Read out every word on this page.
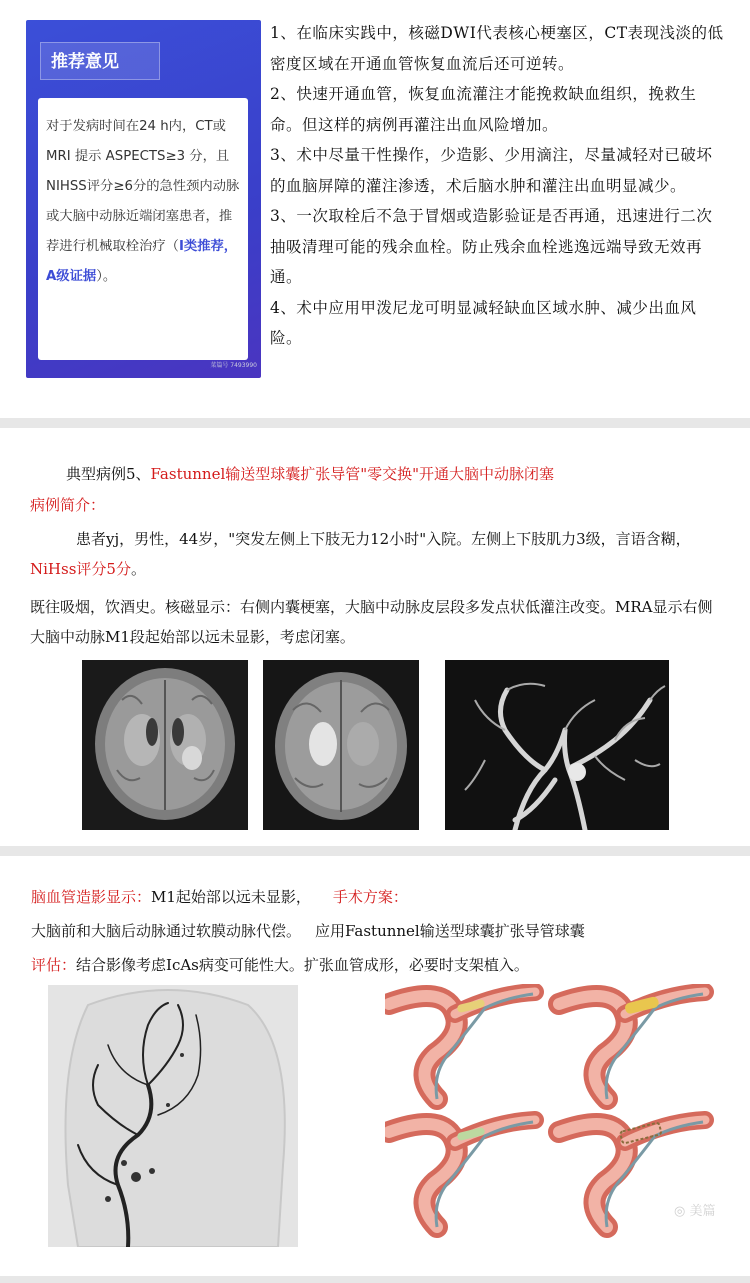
推荐意见
对于发病时间在24 h内，CT或MRI 提示 ASPECTS≥3 分，且NIHSS评分≥6分的急性颈内动脉或大脑中动脉近端闭塞患者，推荐进行机械取栓治疗（Ⅰ类推荐，A级证据）。
菜篇号 7493990

1、在临床实践中，核磁DWI代表核心梗塞区，CT表现浅淡的低密度区域在开通血管恢复血流后还可逆转。

2、快速开通血管，恢复血流灌注才能挽救缺血组织，挽救生命。但这样的病例再灌注出血风险增加。

3、术中尽量干性操作，少造影、少用滴注，尽量减轻对已破坏的血脑屏障的灌注渗透，术后脑水肿和灌注出血明显减少。

3、一次取栓后不急于冒烟或造影验证是否再通，迅速进行二次抽吸清理可能的残余血栓。防止残余血栓逃逸远端导致无效再通。

4、术中应用甲泼尼龙可明显减轻缺血区域水肿、减少出血风险。

典型病例5、Fastunnel输送型球囊扩张导管"零交换"开通大脑中动脉闭塞
病例简介：
患者yj，男性，44岁，"突发左侧上下肢无力12小时"入院。左侧上下肢肌力3级，言语含糊，NiHss评分5分。
既往吸烟，饮酒史。核磁显示：右侧内囊梗塞，大脑中动脉皮层段多发点状低灌注改变。MRA显示右侧大脑中动脉M1段起始部以远未显影，考虑闭塞。
脑血管造影显示：M1起始部以远未显影， 手术方案：
大脑前和大脑后动脉通过软膜动脉代偿。 应用Fastunnel输送型球囊扩张导管球囊
评估：结合影像考虑IcAs病变可能性大。扩张血管成形，必要时支架植入。
◎ 美篇
